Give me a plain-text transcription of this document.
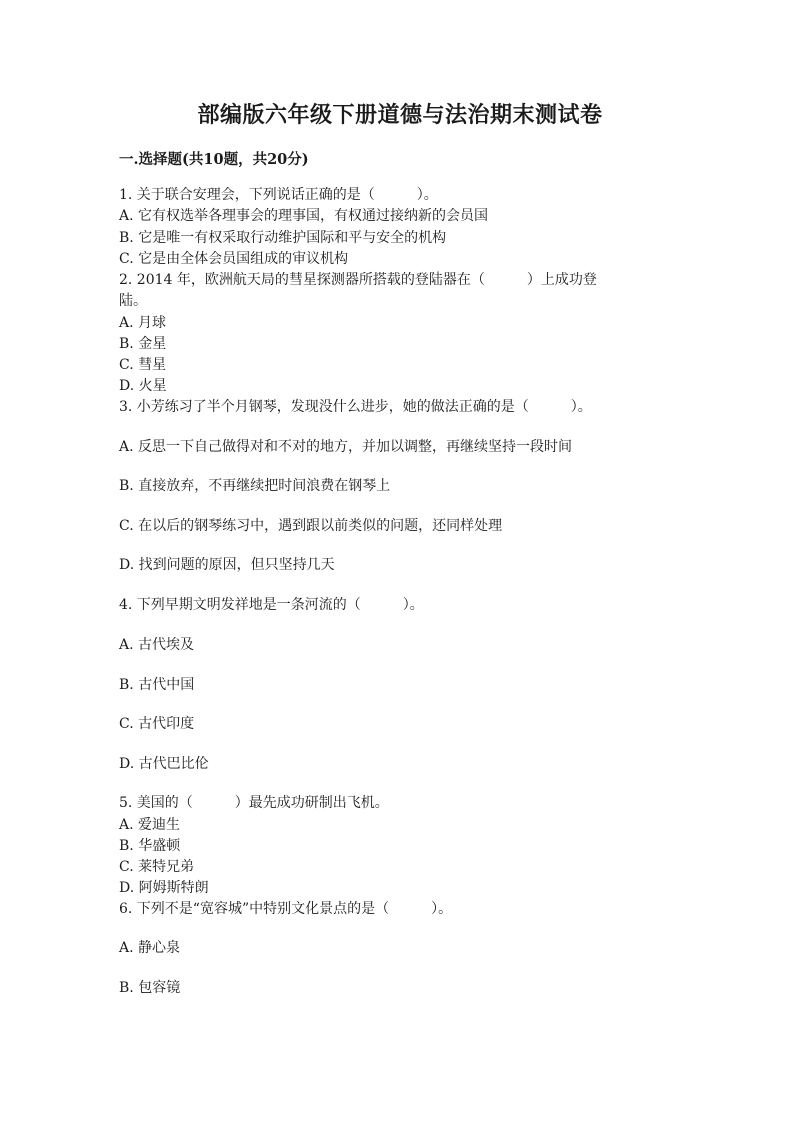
部编版六年级下册道德与法治期末测试卷
一.选择题(共10题，共20分)
1. 关于联合安理会，下列说话正确的是（　　　）。
A. 它有权选举各理事会的理事国，有权通过接纳新的会员国
B. 它是唯一有权采取行动维护国际和平与安全的机构
C. 它是由全体会员国组成的审议机构
2. 2014 年，欧洲航天局的彗星探测器所搭载的登陆器在（　　　）上成功登
陆。
A. 月球
B. 金星
C. 彗星
D. 火星
3. 小芳练习了半个月钢琴，发现没什么进步，她的做法正确的是（　　　）。
A. 反思一下自己做得对和不对的地方，并加以调整，再继续坚持一段时间
B. 直接放弃，不再继续把时间浪费在钢琴上
C. 在以后的钢琴练习中，遇到跟以前类似的问题，还同样处理
D. 找到问题的原因，但只坚持几天
4. 下列早期文明发祥地是一条河流的（　　　）。
A. 古代埃及
B. 古代中国
C. 古代印度
D. 古代巴比伦
5. 美国的（　　　）最先成功研制出飞机。
A. 爱迪生
B. 华盛顿
C. 莱特兄弟
D. 阿姆斯特朗
6. 下列不是“宽容城”中特别文化景点的是（　　　）。
A. 静心泉
B. 包容镜
